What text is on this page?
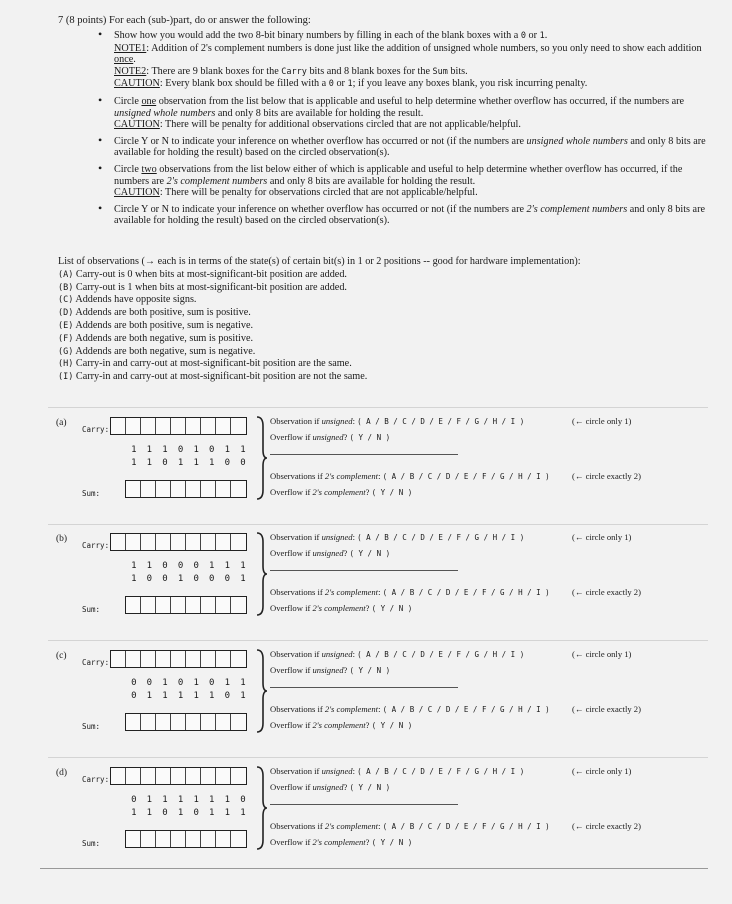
7 (8 points) For each (sub-)part, do or answer the following:
• Show how you would add the two 8-bit binary numbers by filling in each of the blank boxes with a 0 or 1.
NOTE1: Addition of 2's complement numbers is done just like the addition of unsigned whole numbers, so you only need to show each addition once.
NOTE2: There are 9 blank boxes for the Carry bits and 8 blank boxes for the Sum bits.
CAUTION: Every blank box should be filled with a 0 or 1; if you leave any boxes blank, you risk incurring penalty.
• Circle one observation from the list below that is applicable and useful to help determine whether overflow has occurred, if the numbers are unsigned whole numbers and only 8 bits are available for holding the result.
CAUTION: There will be penalty for additional observations circled that are not applicable/helpful.
• Circle Y or N to indicate your inference on whether overflow has occurred or not (if the numbers are unsigned whole numbers and only 8 bits are available for holding the result) based on the circled observation(s).
• Circle two observations from the list below either of which is applicable and useful to help determine whether overflow has occurred, if the numbers are 2's complement numbers and only 8 bits are available for holding the result.
CAUTION: There will be penalty for observations circled that are not applicable/helpful.
• Circle Y or N to indicate your inference on whether overflow has occurred or not (if the numbers are 2's complement numbers and only 8 bits are available for holding the result) based on the circled observation(s).
List of observations (→ each is in terms of the state(s) of certain bit(s) in 1 or 2 positions -- good for hardware implementation):
(A) Carry-out is 0 when bits at most-significant-bit position are added.
(B) Carry-out is 1 when bits at most-significant-bit position are added.
(C) Addends have opposite signs.
(D) Addends are both positive, sum is positive.
(E) Addends are both positive, sum is negative.
(F) Addends are both negative, sum is positive.
(G) Addends are both negative, sum is negative.
(H) Carry-in and carry-out at most-significant-bit position are the same.
(I) Carry-in and carry-out at most-significant-bit position are not the same.
(a)
Carry:
1	1	1	0	1	0	1	1
1	1	0	1	1	1	0	0
Sum:
Observation if unsigned: ( A / B / C / D / E / F / G / H / I )	(← circle only 1)
Overflow if unsigned? ( Y / N )
Observations if 2's complement: ( A / B / C / D / E / F / G / H / I )	(← circle exactly 2)
Overflow if 2's complement? ( Y / N )
(b)
Carry:
1	1	0	0	0	1	1	1
1	0	0	1	0	0	0	1
Sum:
Observation if unsigned: ( A / B / C / D / E / F / G / H / I )	(← circle only 1)
Overflow if unsigned? ( Y / N )
Observations if 2's complement: ( A / B / C / D / E / F / G / H / I )	(← circle exactly 2)
Overflow if 2's complement? ( Y / N )
(c)
Carry:
0	0	1	0	1	0	1	1
0	1	1	1	1	1	0	1
Sum:
Observation if unsigned: ( A / B / C / D / E / F / G / H / I )	(← circle only 1)
Overflow if unsigned? ( Y / N )
Observations if 2's complement: ( A / B / C / D / E / F / G / H / I )	(← circle exactly 2)
Overflow if 2's complement? ( Y / N )
(d)
Carry:
0	1	1	1	1	1	1	0
1	1	0	1	0	1	1	1
Sum:
Observation if unsigned: ( A / B / C / D / E / F / G / H / I )	(← circle only 1)
Overflow if unsigned? ( Y / N )
Observations if 2's complement: ( A / B / C / D / E / F / G / H / I )	(← circle exactly 2)
Overflow if 2's complement? ( Y / N )
